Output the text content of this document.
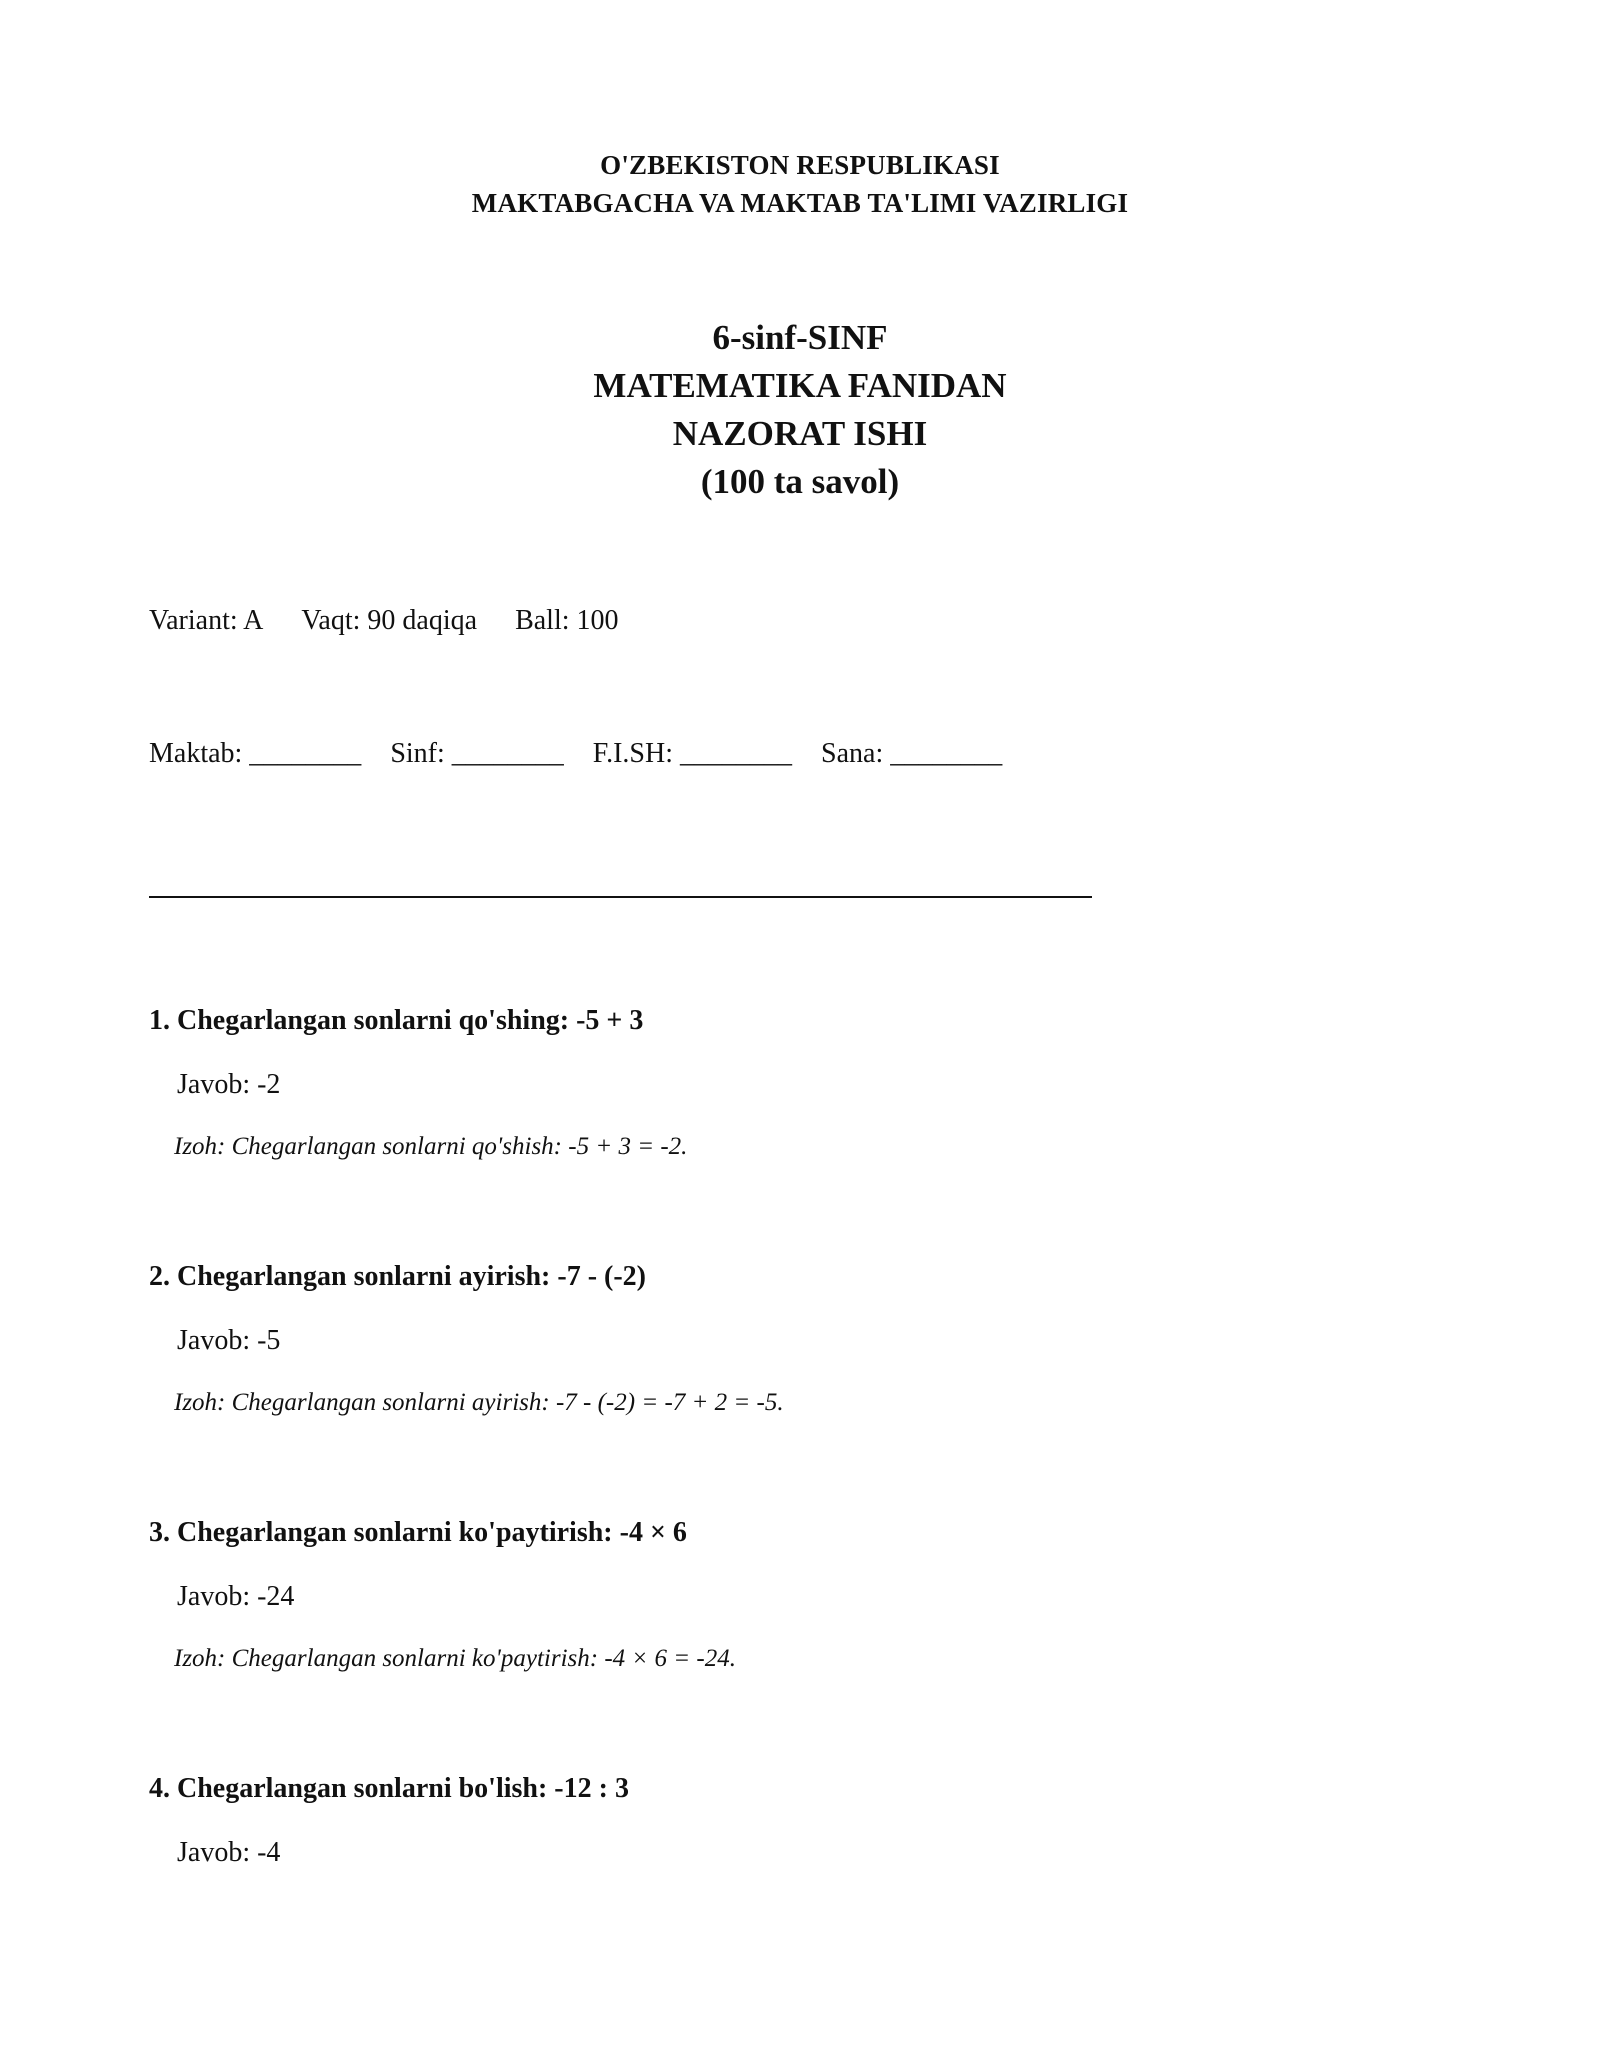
O'ZBEKISTON RESPUBLIKASI
MAKTABGACHA VA MAKTAB TA'LIMI VAZIRLIGI
6-sinf-SINF
MATEMATIKA FANIDAN
NAZORAT ISHI
(100 ta savol)
Variant: A Vaqt: 90 daqiqa Ball: 100
Maktab: ________ Sinf: ________ F.I.SH: ________ Sana: ________
1. Chegarlangan sonlarni qo'shing: -5 + 3
Javob: -2
Izoh: Chegarlangan sonlarni qo'shish: -5 + 3 = -2.
2. Chegarlangan sonlarni ayirish: -7 - (-2)
Javob: -5
Izoh: Chegarlangan sonlarni ayirish: -7 - (-2) = -7 + 2 = -5.
3. Chegarlangan sonlarni ko'paytirish: -4 × 6
Javob: -24
Izoh: Chegarlangan sonlarni ko'paytirish: -4 × 6 = -24.
4. Chegarlangan sonlarni bo'lish: -12 : 3
Javob: -4
